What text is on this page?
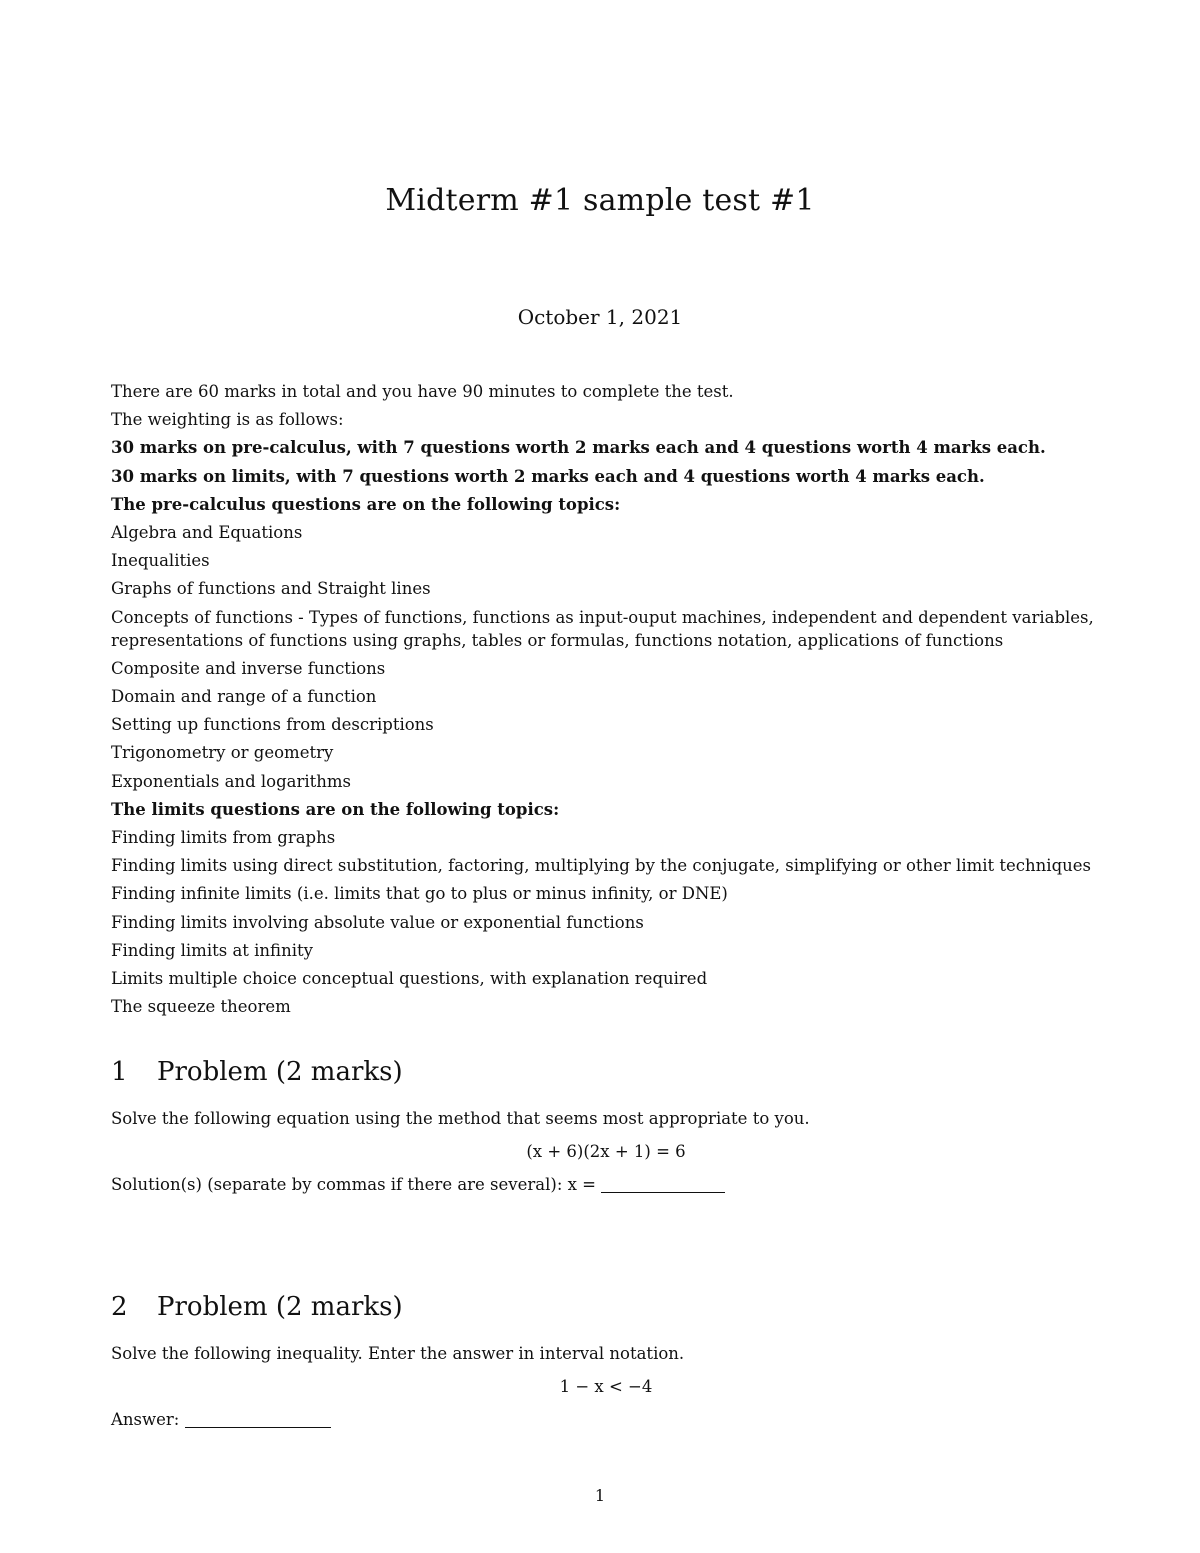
Midterm #1 sample test #1
October 1, 2021
There are 60 marks in total and you have 90 minutes to complete the test.
The weighting is as follows:
30 marks on pre-calculus, with 7 questions worth 2 marks each and 4 questions worth 4 marks each.
30 marks on limits, with 7 questions worth 2 marks each and 4 questions worth 4 marks each.
The pre-calculus questions are on the following topics:
Algebra and Equations
Inequalities
Graphs of functions and Straight lines
Concepts of functions - Types of functions, functions as input-ouput machines, independent and dependent variables, representations of functions using graphs, tables or formulas, functions notation, applications of functions
Composite and inverse functions
Domain and range of a function
Setting up functions from descriptions
Trigonometry or geometry
Exponentials and logarithms
The limits questions are on the following topics:
Finding limits from graphs
Finding limits using direct substitution, factoring, multiplying by the conjugate, simplifying or other limit techniques
Finding infinite limits (i.e. limits that go to plus or minus infinity, or DNE)
Finding limits involving absolute value or exponential functions
Finding limits at infinity
Limits multiple choice conceptual questions, with explanation required
The squeeze theorem
1 Problem (2 marks)
Solve the following equation using the method that seems most appropriate to you.
(x + 6)(2x + 1) = 6
Solution(s) (separate by commas if there are several): x =
2 Problem (2 marks)
Solve the following inequality. Enter the answer in interval notation.
1 − x < −4
Answer:
1
